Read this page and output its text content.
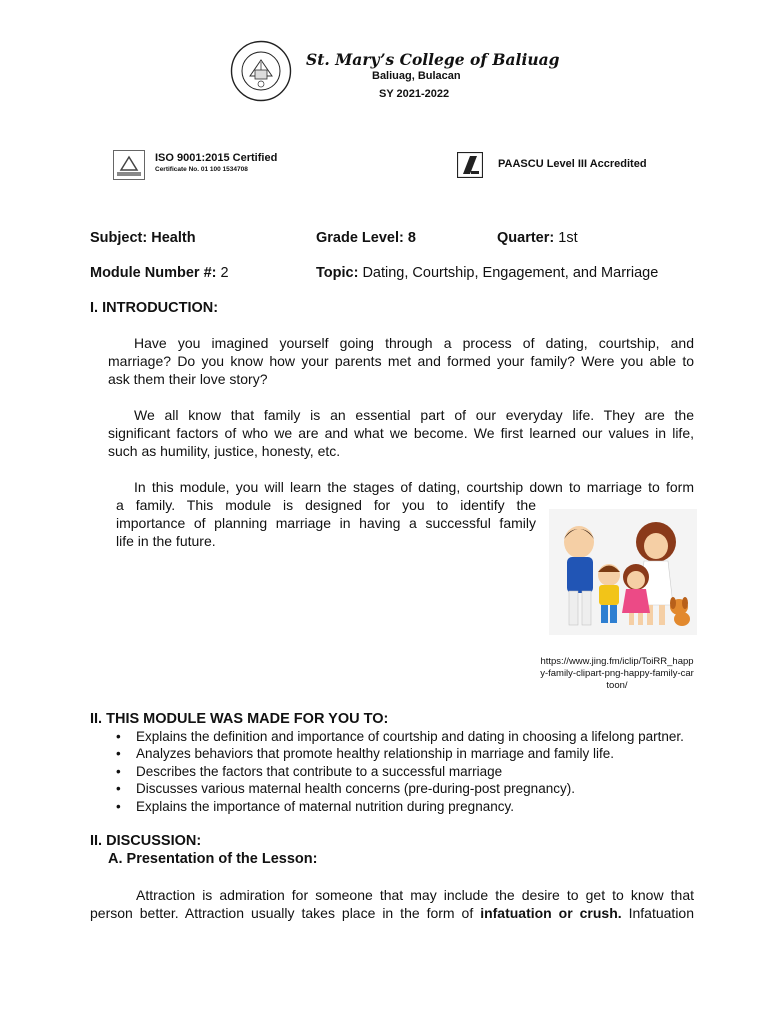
St. Mary’s College of Baliuag
Baliuag, Bulacan
SY 2021-2022
ISO 9001:2015 Certified
Certificate No. 01 100 1534708	PAASCU Level III Accredited
Subject: Health	Grade Level: 8	Quarter: 1st
Module Number #: 2	Topic: Dating, Courtship, Engagement, and Marriage
I. INTRODUCTION:
Have you imagined yourself going through a process of dating, courtship, and
marriage? Do you know how your parents met and formed your family? Were you able to
ask them their love story?
We all know that family is an essential part of our everyday life. They are the
significant factors of who we are and what we become. We first learned our values in life,
such as humility, justice, honesty, etc.
In this module, you will learn the stages of dating, courtship down to marriage to form
a family. This module is designed for you to identify the
importance of planning marriage in having a successful family
life in the future.
https://www.jing.fm/iclip/ToiRR_happy-family-clipart-png-happy-family-cartoon/
II. THIS MODULE WAS MADE FOR YOU TO:
• Explains the definition and importance of courtship and dating in choosing a lifelong partner.
• Analyzes behaviors that promote healthy relationship in marriage and family life.
• Describes the factors that contribute to a successful marriage
• Discusses various maternal health concerns (pre-during-post pregnancy).
• Explains the importance of maternal nutrition during pregnancy.
II. DISCUSSION:
A. Presentation of the Lesson:
Attraction is admiration for someone that may include the desire to get to know that
person better. Attraction usually takes place in the form of infatuation or crush. Infatuation
